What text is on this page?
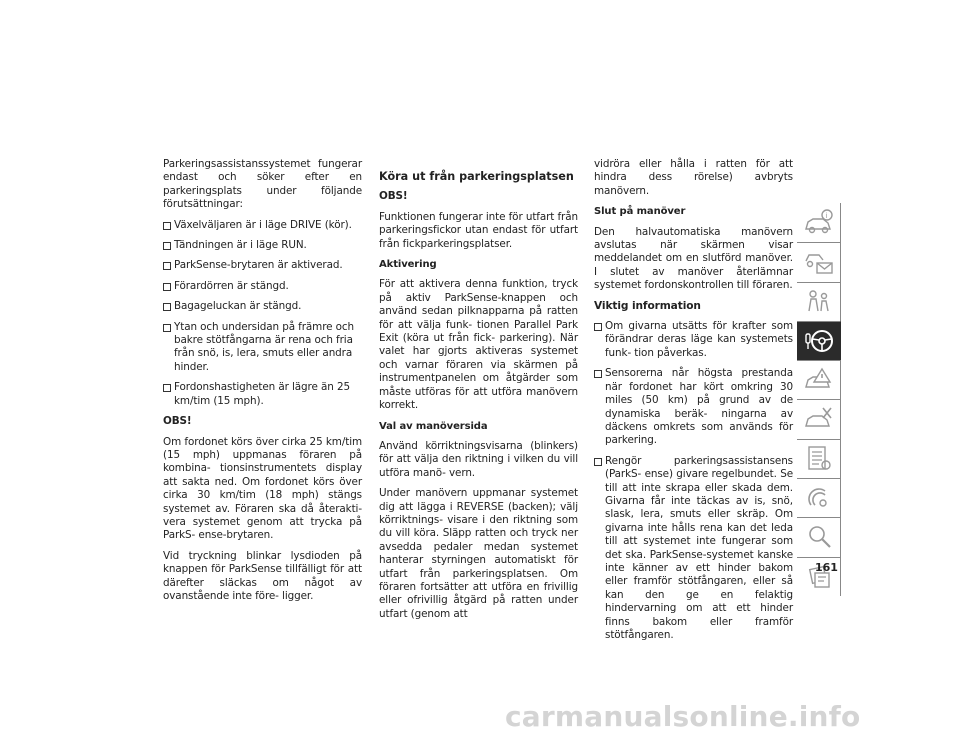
Parkeringsassistanssystemet fungerar endast och söker efter en parkeringsplats under följande förutsättningar:

Växelväljaren är i läge DRIVE (kör).
Tändningen är i läge RUN.
ParkSense-brytaren är aktiverad.
Förardörren är stängd.
Bagageluckan är stängd.
Ytan och undersidan på främre och bakre stötfångarna är rena och fria från snö, is, lera, smuts eller andra hinder.
Fordonshastigheten är lägre än 25 km/tim (15 mph).

OBS!

Om fordonet körs över cirka 25 km/tim (15 mph) uppmanas föraren på kombina- tionsinstrumentets display att sakta ned. Om fordonet körs över cirka 30 km/tim (18 mph) stängs systemet av. Föraren ska då återakti- vera systemet genom att trycka på ParkS- ense-brytaren.

Vid tryckning blinkar lysdioden på knappen för ParkSense tillfälligt för att därefter släckas om något av ovanstående inte före- ligger.

Köra ut från parkeringsplatsen

OBS!

Funktionen fungerar inte för utfart från parkeringsfickor utan endast för utfart från fickparkeringsplatser.

Aktivering

För att aktivera denna funktion, tryck på aktiv ParkSense-knappen och använd sedan pilknapparna på ratten för att välja funk- tionen Parallel Park Exit (köra ut från fick- parkering). När valet har gjorts aktiveras systemet och varnar föraren via skärmen på instrumentpanelen om åtgärder som måste utföras för att utföra manövern korrekt.

Val av manöversida

Använd körriktningsvisarna (blinkers) för att välja den riktning i vilken du vill utföra manö- vern.

Under manövern uppmanar systemet dig att lägga i REVERSE (backen); välj körriktnings- visare i den riktning som du vill köra. Släpp ratten och tryck ner avsedda pedaler medan systemet hanterar styrningen automatiskt för utfart från parkeringsplatsen. Om föraren fortsätter att utföra en frivillig eller ofrivillig åtgärd på ratten under utfart (genom att

vidröra eller hålla i ratten för att hindra dess rörelse) avbryts manövern.

Slut på manöver

Den halvautomatiska manövern avslutas när skärmen visar meddelandet om en slutförd manöver. I slutet av manöver återlämnar systemet fordonskontrollen till föraren.

Viktig information

Om givarna utsätts för krafter som förändrar deras läge kan systemets funk- tion påverkas.
Sensorerna når högsta prestanda när fordonet har kört omkring 30 miles (50 km) på grund av de dynamiska beräk- ningarna av däckens omkrets som används för parkering.
Rengör parkeringsassistansens (ParkS- ense) givare regelbundet. Se till att inte skrapa eller skada dem. Givarna får inte täckas av is, snö, slask, lera, smuts eller skräp. Om givarna inte hålls rena kan det leda till att systemet inte fungerar som det ska. ParkSense-systemet kanske inte känner av ett hinder bakom eller framför stötfångaren, eller så kan den ge en felaktig hindervarning om att ett hinder finns bakom eller framför stötfångaren.
i
161
carmanualsonline.info
